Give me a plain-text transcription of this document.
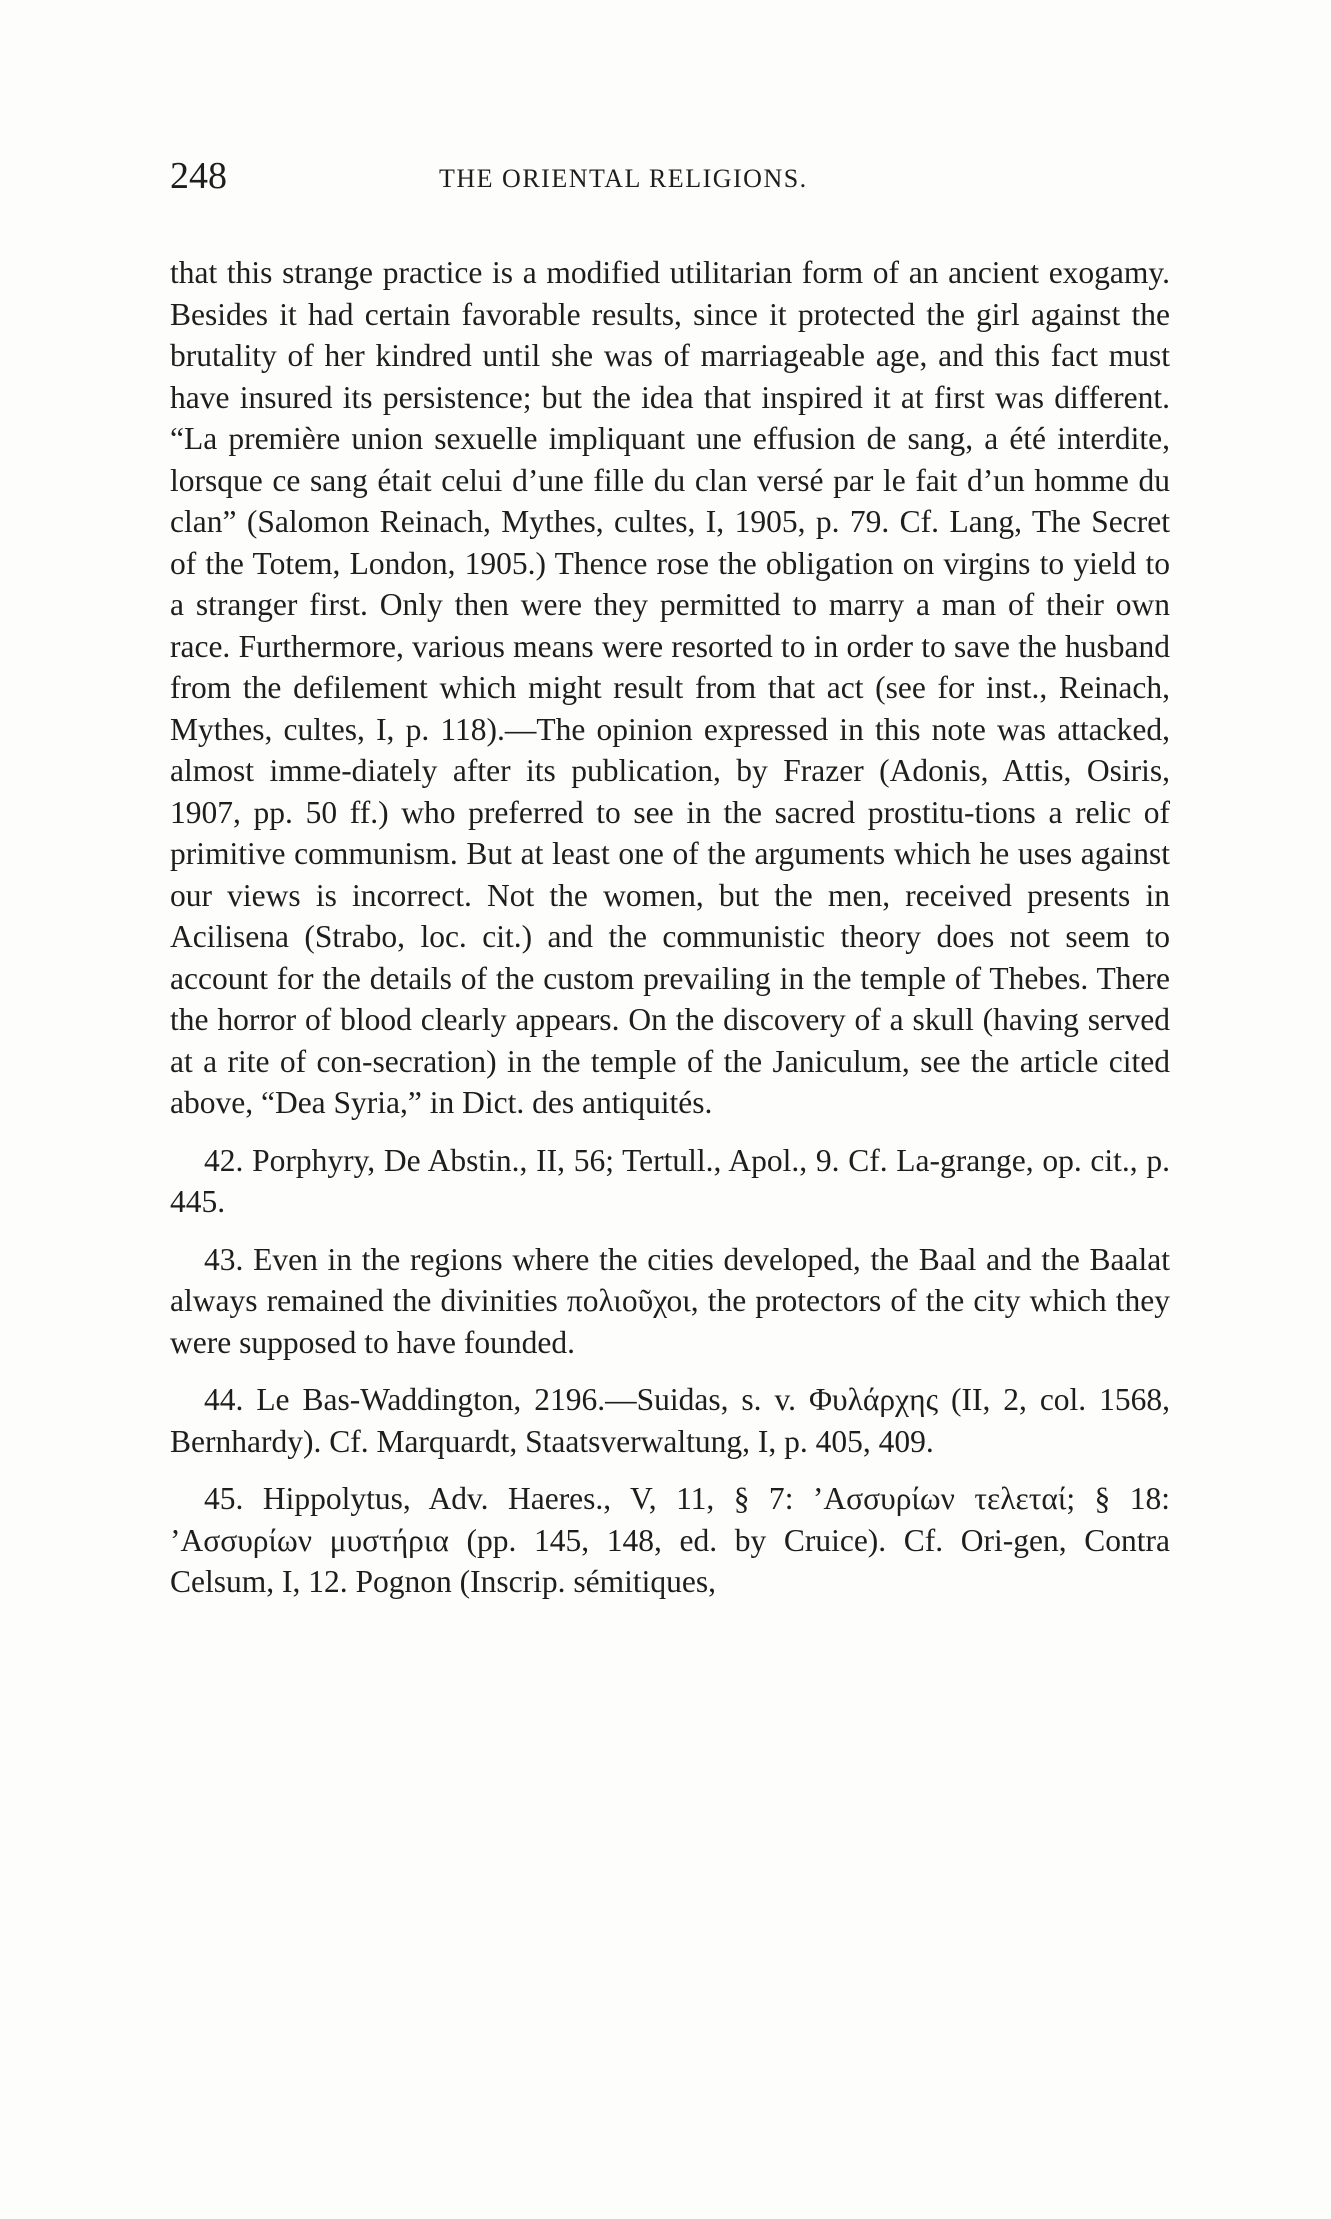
248	THE ORIENTAL RELIGIONS.

that this strange practice is a modified utilitarian form of an ancient exogamy. Besides it had certain favorable results, since it protected the girl against the brutality of her kindred until she was of marriageable age, and this fact must have insured its persistence; but the idea that inspired it at first was different. “La première union sexuelle impliquant une effusion de sang, a été interdite, lorsque ce sang était celui d’une fille du clan versé par le fait d’un homme du clan” (Salomon Reinach, Mythes, cultes, I, 1905, p. 79. Cf. Lang, The Secret of the Totem, London, 1905.) Thence rose the obligation on virgins to yield to a stranger first. Only then were they permitted to marry a man of their own race. Furthermore, various means were resorted to in order to save the husband from the defilement which might result from that act (see for inst., Reinach, Mythes, cultes, I, p. 118).—The opinion expressed in this note was attacked, almost imme-diately after its publication, by Frazer (Adonis, Attis, Osiris, 1907, pp. 50 ff.) who preferred to see in the sacred prostitu-tions a relic of primitive communism. But at least one of the arguments which he uses against our views is incorrect. Not the women, but the men, received presents in Acilisena (Strabo, loc. cit.) and the communistic theory does not seem to account for the details of the custom prevailing in the temple of Thebes. There the horror of blood clearly appears. On the discovery of a skull (having served at a rite of con-secration) in the temple of the Janiculum, see the article cited above, “Dea Syria,” in Dict. des antiquités.

42. Porphyry, De Abstin., II, 56; Tertull., Apol., 9. Cf. La-grange, op. cit., p. 445.

43. Even in the regions where the cities developed, the Baal and the Baalat always remained the divinities πολιοῦχοι, the protectors of the city which they were supposed to have founded.

44. Le Bas-Waddington, 2196.—Suidas, s. v. Φυλάρχης (II, 2, col. 1568, Bernhardy). Cf. Marquardt, Staatsverwaltung, I, p. 405, 409.

45. Hippolytus, Adv. Haeres., V, 11, § 7: ’Ασσυρίων τελεταί; § 18: ’Ασσυρίων μυστήρια (pp. 145, 148, ed. by Cruice). Cf. Ori-gen, Contra Celsum, I, 12. Pognon (Inscrip. sémitiques,
